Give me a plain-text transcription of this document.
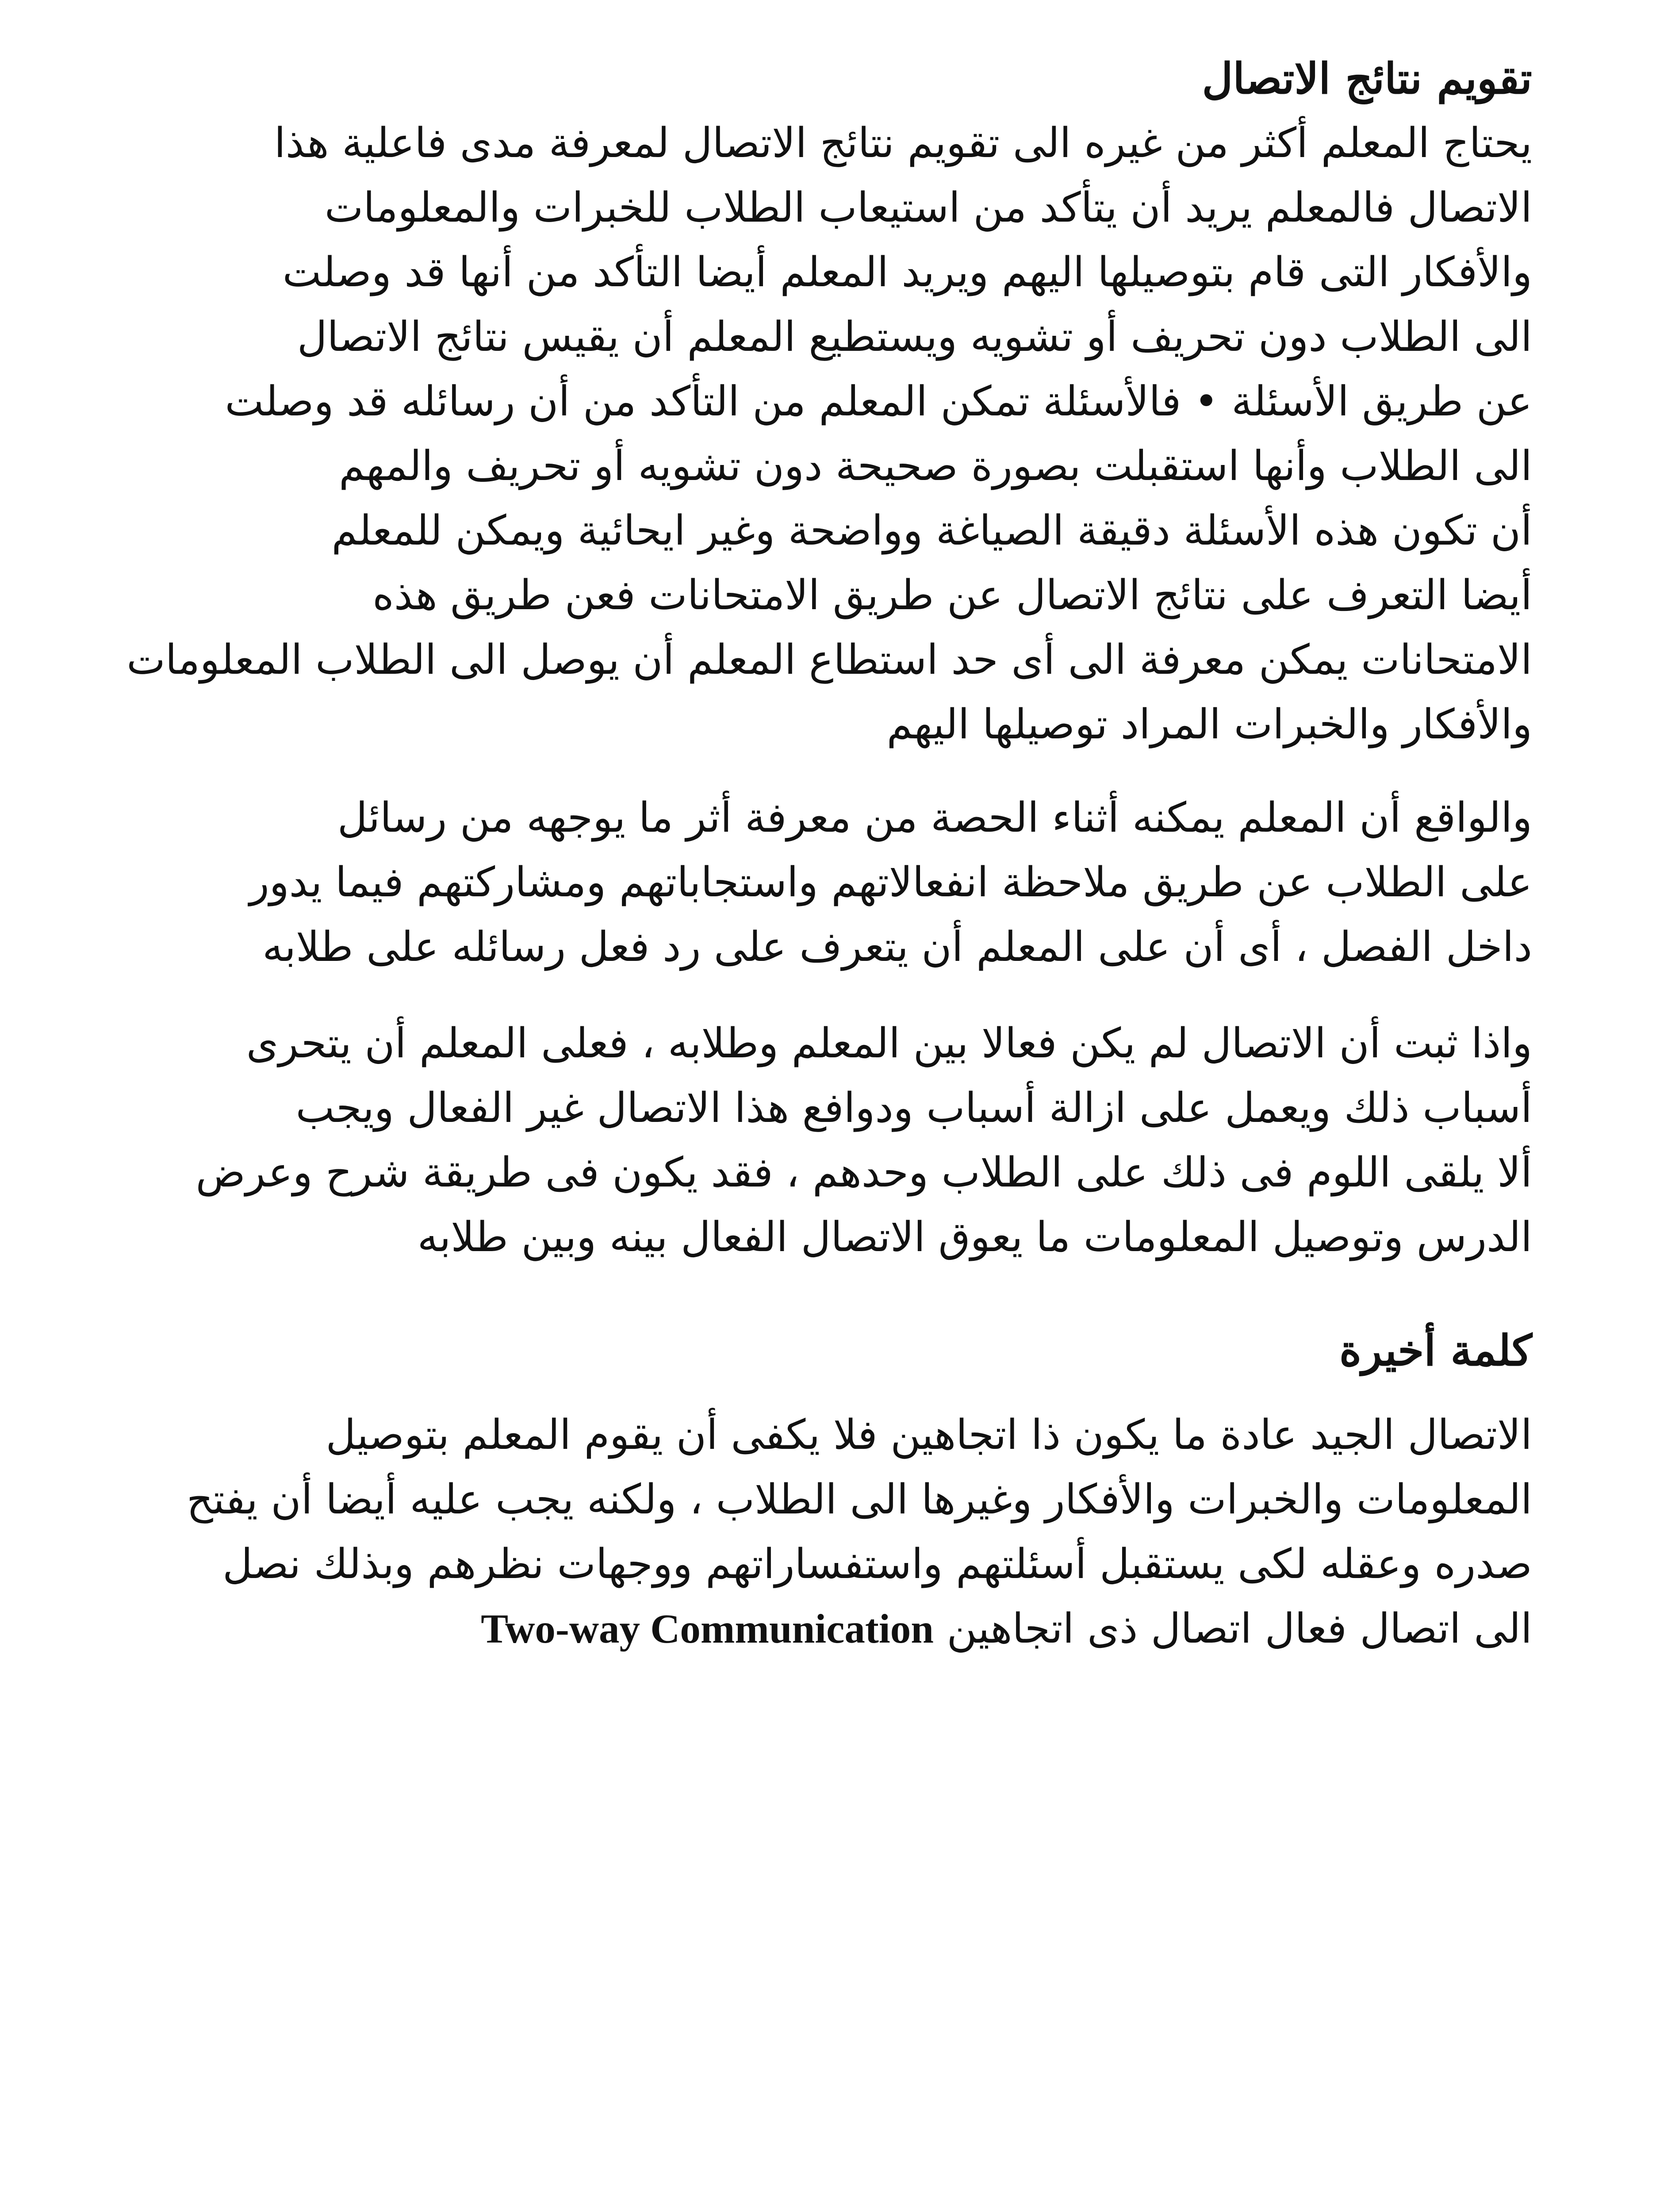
تقويم نتائج الاتصال

يحتاج المعلم أكثر من غيره الى تقويم نتائج الاتصال لمعرفة مدى فاعلية هذا
الاتصال فالمعلم يريد أن يتأكد من استيعاب الطلاب للخبرات والمعلومات
والأفكار التى قام بتوصيلها اليهم ويريد المعلم أيضا التأكد من أنها قد وصلت
الى الطلاب دون تحريف أو تشويه ويستطيع المعلم أن يقيس نتائج الاتصال
عن طريق الأسئلة • فالأسئلة تمكن المعلم من التأكد من أن رسائله قد وصلت
الى الطلاب وأنها استقبلت بصورة صحيحة دون تشويه أو تحريف والمهم
أن تكون هذه الأسئلة دقيقة الصياغة وواضحة وغير ايحائية ويمكن للمعلم
أيضا التعرف على نتائج الاتصال عن طريق الامتحانات فعن طريق هذه
الامتحانات يمكن معرفة الى أى حد استطاع المعلم أن يوصل الى الطلاب المعلومات
والأفكار والخبرات المراد توصيلها اليهم

والواقع أن المعلم يمكنه أثناء الحصة من معرفة أثر ما يوجهه من رسائل
على الطلاب عن طريق ملاحظة انفعالاتهم واستجاباتهم ومشاركتهم فيما يدور
داخل الفصل ، أى أن على المعلم أن يتعرف على رد فعل رسائله على طلابه

واذا ثبت أن الاتصال لم يكن فعالا بين المعلم وطلابه ، فعلى المعلم أن يتحرى
أسباب ذلك ويعمل على ازالة أسباب ودوافع هذا الاتصال غير الفعال ويجب
ألا يلقى اللوم فى ذلك على الطلاب وحدهم ، فقد يكون فى طريقة شرح وعرض
الدرس وتوصيل المعلومات ما يعوق الاتصال الفعال بينه وبين طلابه

كلمة أخيرة

الاتصال الجيد عادة ما يكون ذا اتجاهين فلا يكفى أن يقوم المعلم بتوصيل
المعلومات والخبرات والأفكار وغيرها الى الطلاب ، ولكنه يجب عليه أيضا أن يفتح
صدره وعقله لكى يستقبل أسئلتهم واستفساراتهم ووجهات نظرهم وبذلك نصل
الى اتصال فعال اتصال ذى اتجاهين Two-way Communication
